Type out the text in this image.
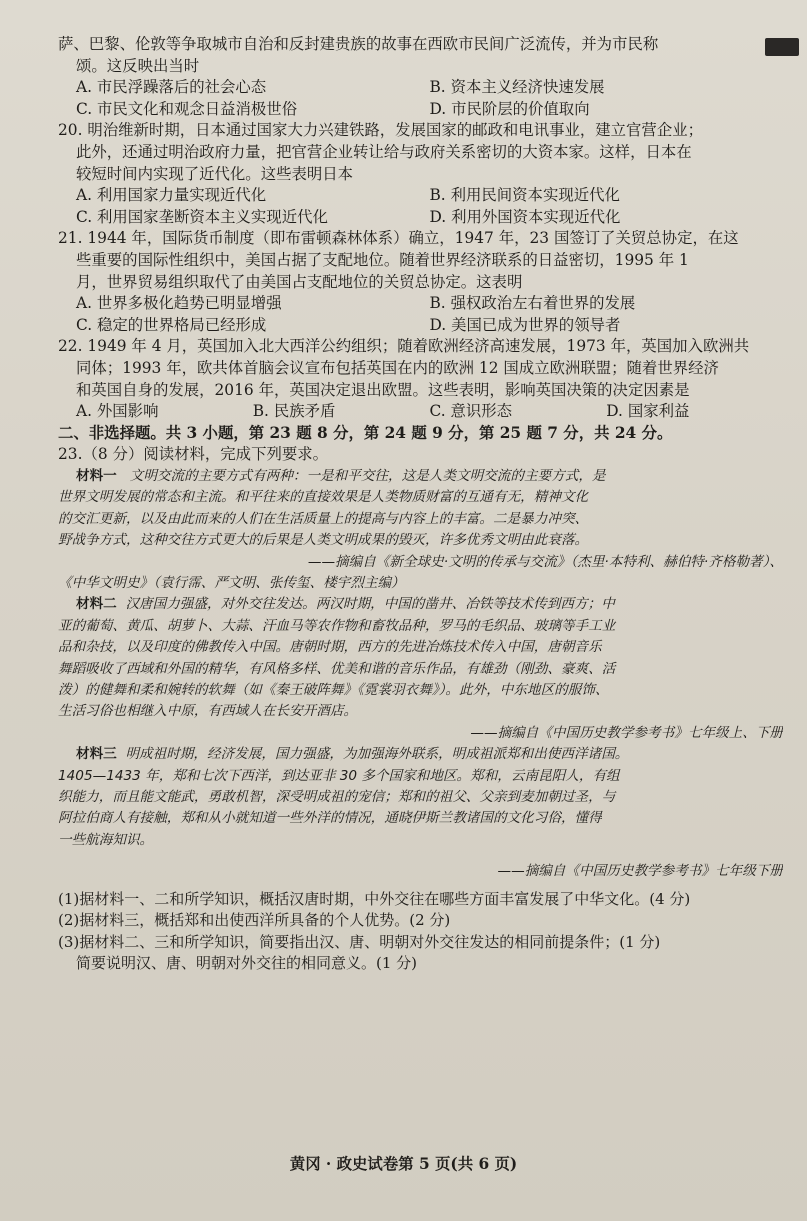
萨、巴黎、伦敦等争取城市自治和反封建贵族的故事在西欧市民间广泛流传，并为市民称
颂。这反映出当时
A. 市民浮躁落后的社会心态	B. 资本主义经济快速发展
C. 市民文化和观念日益消极世俗	D. 市民阶层的价值取向
20. 明治维新时期，日本通过国家大力兴建铁路，发展国家的邮政和电讯事业，建立官营企业；
此外，还通过明治政府力量，把官营企业转让给与政府关系密切的大资本家。这样，日本在
较短时间内实现了近代化。这些表明日本
A. 利用国家力量实现近代化	B. 利用民间资本实现近代化
C. 利用国家垄断资本主义实现近代化	D. 利用外国资本实现近代化
21. 1944 年，国际货币制度（即布雷顿森林体系）确立，1947 年，23 国签订了关贸总协定，在这
些重要的国际性组织中，美国占据了支配地位。随着世界经济联系的日益密切，1995 年 1
月，世界贸易组织取代了由美国占支配地位的关贸总协定。这表明
A. 世界多极化趋势已明显增强	B. 强权政治左右着世界的发展
C. 稳定的世界格局已经形成	D. 美国已成为世界的领导者
22. 1949 年 4 月，英国加入北大西洋公约组织；随着欧洲经济高速发展，1973 年，英国加入欧洲共
同体；1993 年，欧共体首脑会议宣布包括英国在内的欧洲 12 国成立欧洲联盟；随着世界经济
和英国自身的发展，2016 年，英国决定退出欧盟。这些表明，影响英国决策的决定因素是
A. 外国影响	B. 民族矛盾	C. 意识形态	D. 国家利益
二、非选择题。共 3 小题，第 23 题 8 分，第 24 题 9 分，第 25 题 7 分，共 24 分。
23.（8 分）阅读材料，完成下列要求。
材料一 文明交流的主要方式有两种：一是和平交往，这是人类文明交流的主要方式，是
世界文明发展的常态和主流。和平往来的直接效果是人类物质财富的互通有无，精神文化
的交汇更新，以及由此而来的人们在生活质量上的提高与内容上的丰富。二是暴力冲突、
野战争方式，这种交往方式更大的后果是人类文明成果的毁灭，许多优秀文明由此衰落。
——摘编自《新全球史·文明的传承与交流》（杰里·本特利、赫伯特·齐格勒著）、
《中华文明史》（袁行霈、严文明、张传玺、楼宇烈主编）
材料二 汉唐国力强盛，对外交往发达。两汉时期，中国的凿井、冶铁等技术传到西方；中
亚的葡萄、黄瓜、胡萝卜、大蒜、汗血马等农作物和畜牧品种，罗马的毛织品、玻璃等手工业
品和杂技，以及印度的佛教传入中国。唐朝时期，西方的先进冶炼技术传入中国，唐朝音乐
舞蹈吸收了西域和外国的精华，有风格多样、优美和谐的音乐作品，有雄劲（刚劲、豪爽、活
泼）的健舞和柔和婉转的软舞（如《秦王破阵舞》《霓裳羽衣舞》）。此外，中东地区的服饰、
生活习俗也相继入中原，有西域人在长安开酒店。
——摘编自《中国历史教学参考书》七年级上、下册
材料三 明成祖时期，经济发展，国力强盛，为加强海外联系，明成祖派郑和出使西洋诸国。
1405—1433 年，郑和七次下西洋，到达亚非 30 多个国家和地区。郑和，云南昆阳人，有组
织能力，而且能文能武，勇敢机智，深受明成祖的宠信；郑和的祖父、父亲到麦加朝过圣，与
阿拉伯商人有接触，郑和从小就知道一些外洋的情况，通晓伊斯兰教诸国的文化习俗，懂得
一些航海知识。
——摘编自《中国历史教学参考书》七年级下册
(1)据材料一、二和所学知识，概括汉唐时期，中外交往在哪些方面丰富发展了中华文化。(4 分)
(2)据材料三，概括郑和出使西洋所具备的个人优势。(2 分)
(3)据材料二、三和所学知识，简要指出汉、唐、明朝对外交往发达的相同前提条件；(1 分)
简要说明汉、唐、明朝对外交往的相同意义。(1 分)
黄冈 · 政史试卷第 5 页(共 6 页)
